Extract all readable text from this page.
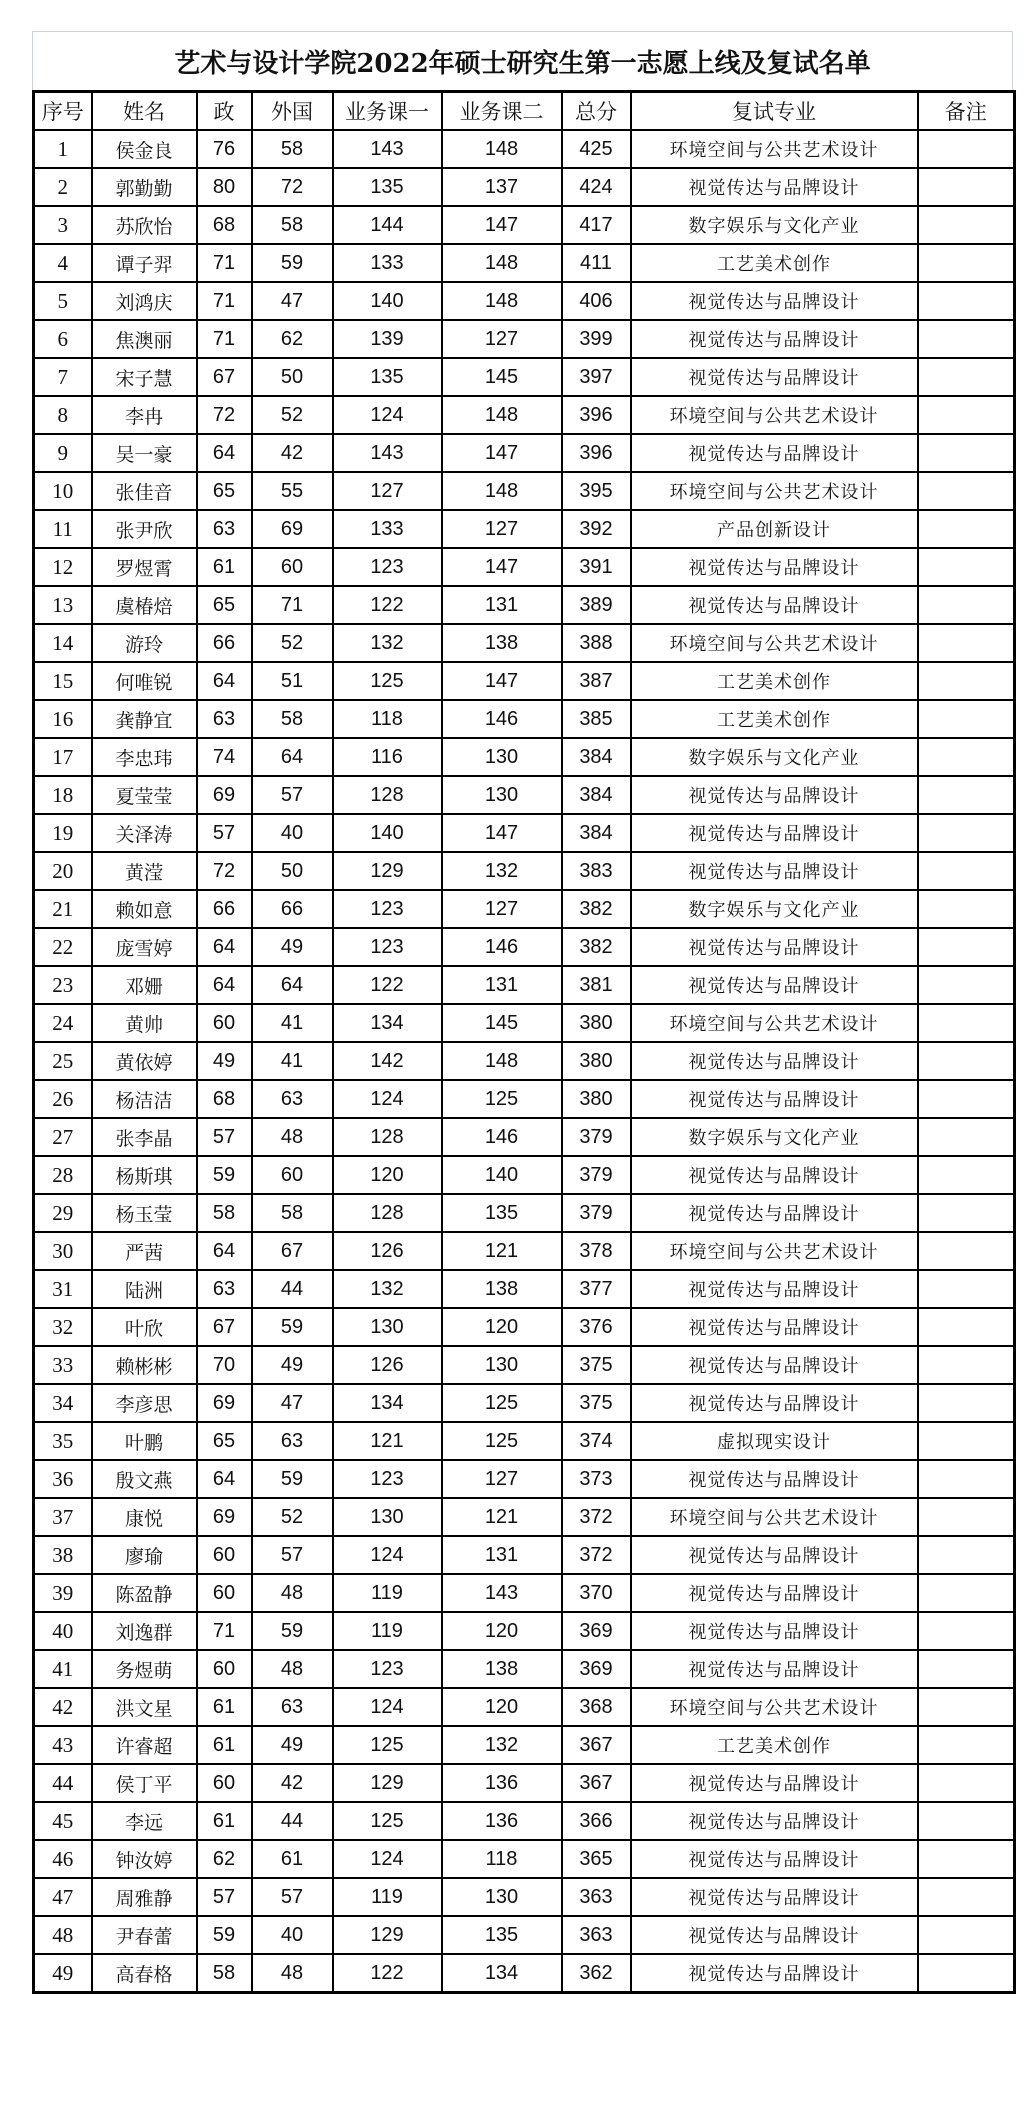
艺术与设计学院2022年硕士研究生第一志愿上线及复试名单
序号	姓名	政	外国	业务课一	业务课二	总分	复试专业	备注
1	侯金良	76	58	143	148	425	环境空间与公共艺术设计	
2	郭勤勤	80	72	135	137	424	视觉传达与品牌设计	
3	苏欣怡	68	58	144	147	417	数字娱乐与文化产业	
4	谭子羿	71	59	133	148	411	工艺美术创作	
5	刘鸿庆	71	47	140	148	406	视觉传达与品牌设计	
6	焦澳丽	71	62	139	127	399	视觉传达与品牌设计	
7	宋子慧	67	50	135	145	397	视觉传达与品牌设计	
8	李冉	72	52	124	148	396	环境空间与公共艺术设计	
9	吴一豪	64	42	143	147	396	视觉传达与品牌设计	
10	张佳音	65	55	127	148	395	环境空间与公共艺术设计	
11	张尹欣	63	69	133	127	392	产品创新设计	
12	罗煜霄	61	60	123	147	391	视觉传达与品牌设计	
13	虞椿焙	65	71	122	131	389	视觉传达与品牌设计	
14	游玲	66	52	132	138	388	环境空间与公共艺术设计	
15	何唯锐	64	51	125	147	387	工艺美术创作	
16	龚静宜	63	58	118	146	385	工艺美术创作	
17	李忠玮	74	64	116	130	384	数字娱乐与文化产业	
18	夏莹莹	69	57	128	130	384	视觉传达与品牌设计	
19	关泽涛	57	40	140	147	384	视觉传达与品牌设计	
20	黄滢	72	50	129	132	383	视觉传达与品牌设计	
21	赖如意	66	66	123	127	382	数字娱乐与文化产业	
22	庞雪婷	64	49	123	146	382	视觉传达与品牌设计	
23	邓姗	64	64	122	131	381	视觉传达与品牌设计	
24	黄帅	60	41	134	145	380	环境空间与公共艺术设计	
25	黄依婷	49	41	142	148	380	视觉传达与品牌设计	
26	杨洁洁	68	63	124	125	380	视觉传达与品牌设计	
27	张李晶	57	48	128	146	379	数字娱乐与文化产业	
28	杨斯琪	59	60	120	140	379	视觉传达与品牌设计	
29	杨玉莹	58	58	128	135	379	视觉传达与品牌设计	
30	严茜	64	67	126	121	378	环境空间与公共艺术设计	
31	陆洲	63	44	132	138	377	视觉传达与品牌设计	
32	叶欣	67	59	130	120	376	视觉传达与品牌设计	
33	赖彬彬	70	49	126	130	375	视觉传达与品牌设计	
34	李彦思	69	47	134	125	375	视觉传达与品牌设计	
35	叶鹏	65	63	121	125	374	虚拟现实设计	
36	殷文燕	64	59	123	127	373	视觉传达与品牌设计	
37	康悦	69	52	130	121	372	环境空间与公共艺术设计	
38	廖瑜	60	57	124	131	372	视觉传达与品牌设计	
39	陈盈静	60	48	119	143	370	视觉传达与品牌设计	
40	刘逸群	71	59	119	120	369	视觉传达与品牌设计	
41	务煜萌	60	48	123	138	369	视觉传达与品牌设计	
42	洪文星	61	63	124	120	368	环境空间与公共艺术设计	
43	许睿超	61	49	125	132	367	工艺美术创作	
44	侯丁平	60	42	129	136	367	视觉传达与品牌设计	
45	李远	61	44	125	136	366	视觉传达与品牌设计	
46	钟汝婷	62	61	124	118	365	视觉传达与品牌设计	
47	周雅静	57	57	119	130	363	视觉传达与品牌设计	
48	尹春蕾	59	40	129	135	363	视觉传达与品牌设计	
49	高春格	58	48	122	134	362	视觉传达与品牌设计	
